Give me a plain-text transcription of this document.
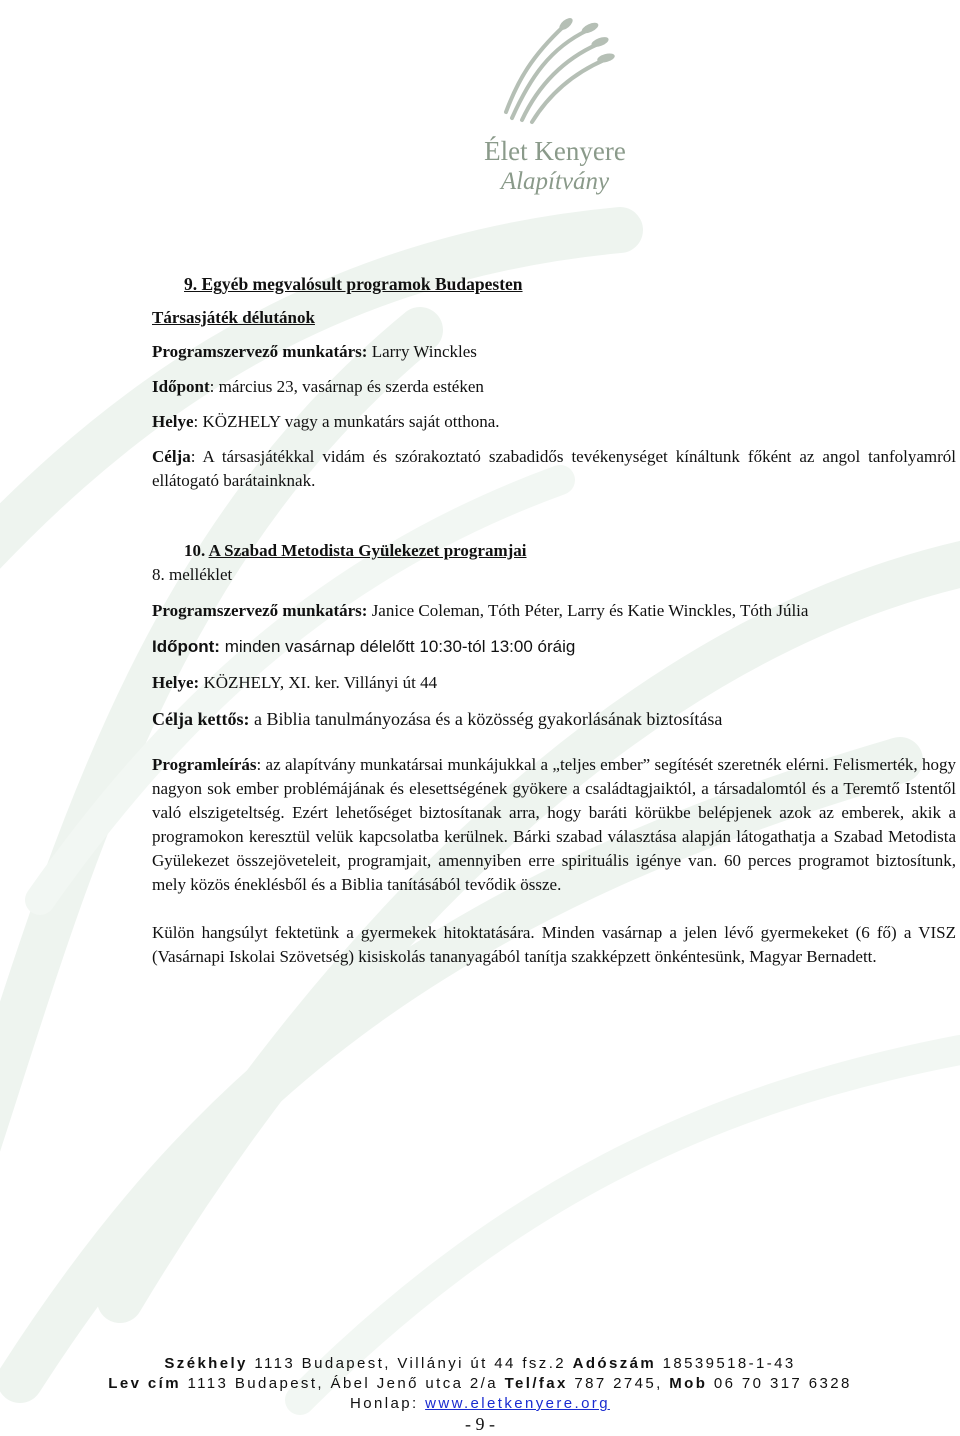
Élet Kenyere
Alapítvány

9. Egyéb megvalósult programok Budapesten

Társasjáték délutánok

Programszervező munkatárs: Larry Winckles

Időpont: március 23, vasárnap és szerda estéken

Helye: KÖZHELY vagy a munkatárs saját otthona.

Célja: A társasjátékkal vidám és szórakoztató szabadidős tevékenységet kínáltunk főként az angol tanfolyamról ellátogató barátainknak.

10. A Szabad Metodista Gyülekezet programjai

8. melléklet

Programszervező munkatárs: Janice Coleman, Tóth Péter, Larry és Katie Winckles, Tóth Júlia

Időpont: minden vasárnap délelőtt 10:30-tól 13:00 óráig

Helye: KÖZHELY, XI. ker. Villányi út 44

Célja kettős: a Biblia tanulmányozása és a közösség gyakorlásának biztosítása

Programleírás: az alapítvány munkatársai munkájukkal a „teljes ember” segítését szeretnék elérni. Felismerték, hogy nagyon sok ember problémájának és elesettségének gyökere a családtagjaiktól, a társadalomtól és a Teremtő Istentől való elszigeteltség. Ezért lehetőséget biztosítanak arra, hogy baráti körükbe belépjenek azok az emberek, akik a programokon keresztül velük kapcsolatba kerülnek. Bárki szabad választása alapján látogathatja a Szabad Metodista Gyülekezet összejöveteleit, programjait, amennyiben erre spirituális igénye van. 60 perces programot biztosítunk, mely közös éneklésből és a Biblia tanításából tevődik össze.

Külön hangsúlyt fektetünk a gyermekek hitoktatására. Minden vasárnap a jelen lévő gyermekeket (6 fő) a VISZ (Vasárnapi Iskolai Szövetség) kisiskolás tananyagából tanítja szakképzett önkéntesünk, Magyar Bernadett.

Székhely 1113 Budapest, Villányi út 44 fsz.2 Adószám 18539518-1-43
Lev cím 1113 Budapest, Ábel Jenő utca 2/a Tel/fax 787 2745, Mob 06 70 317 6328
Honlap: www.eletkenyere.org
- 9 -
